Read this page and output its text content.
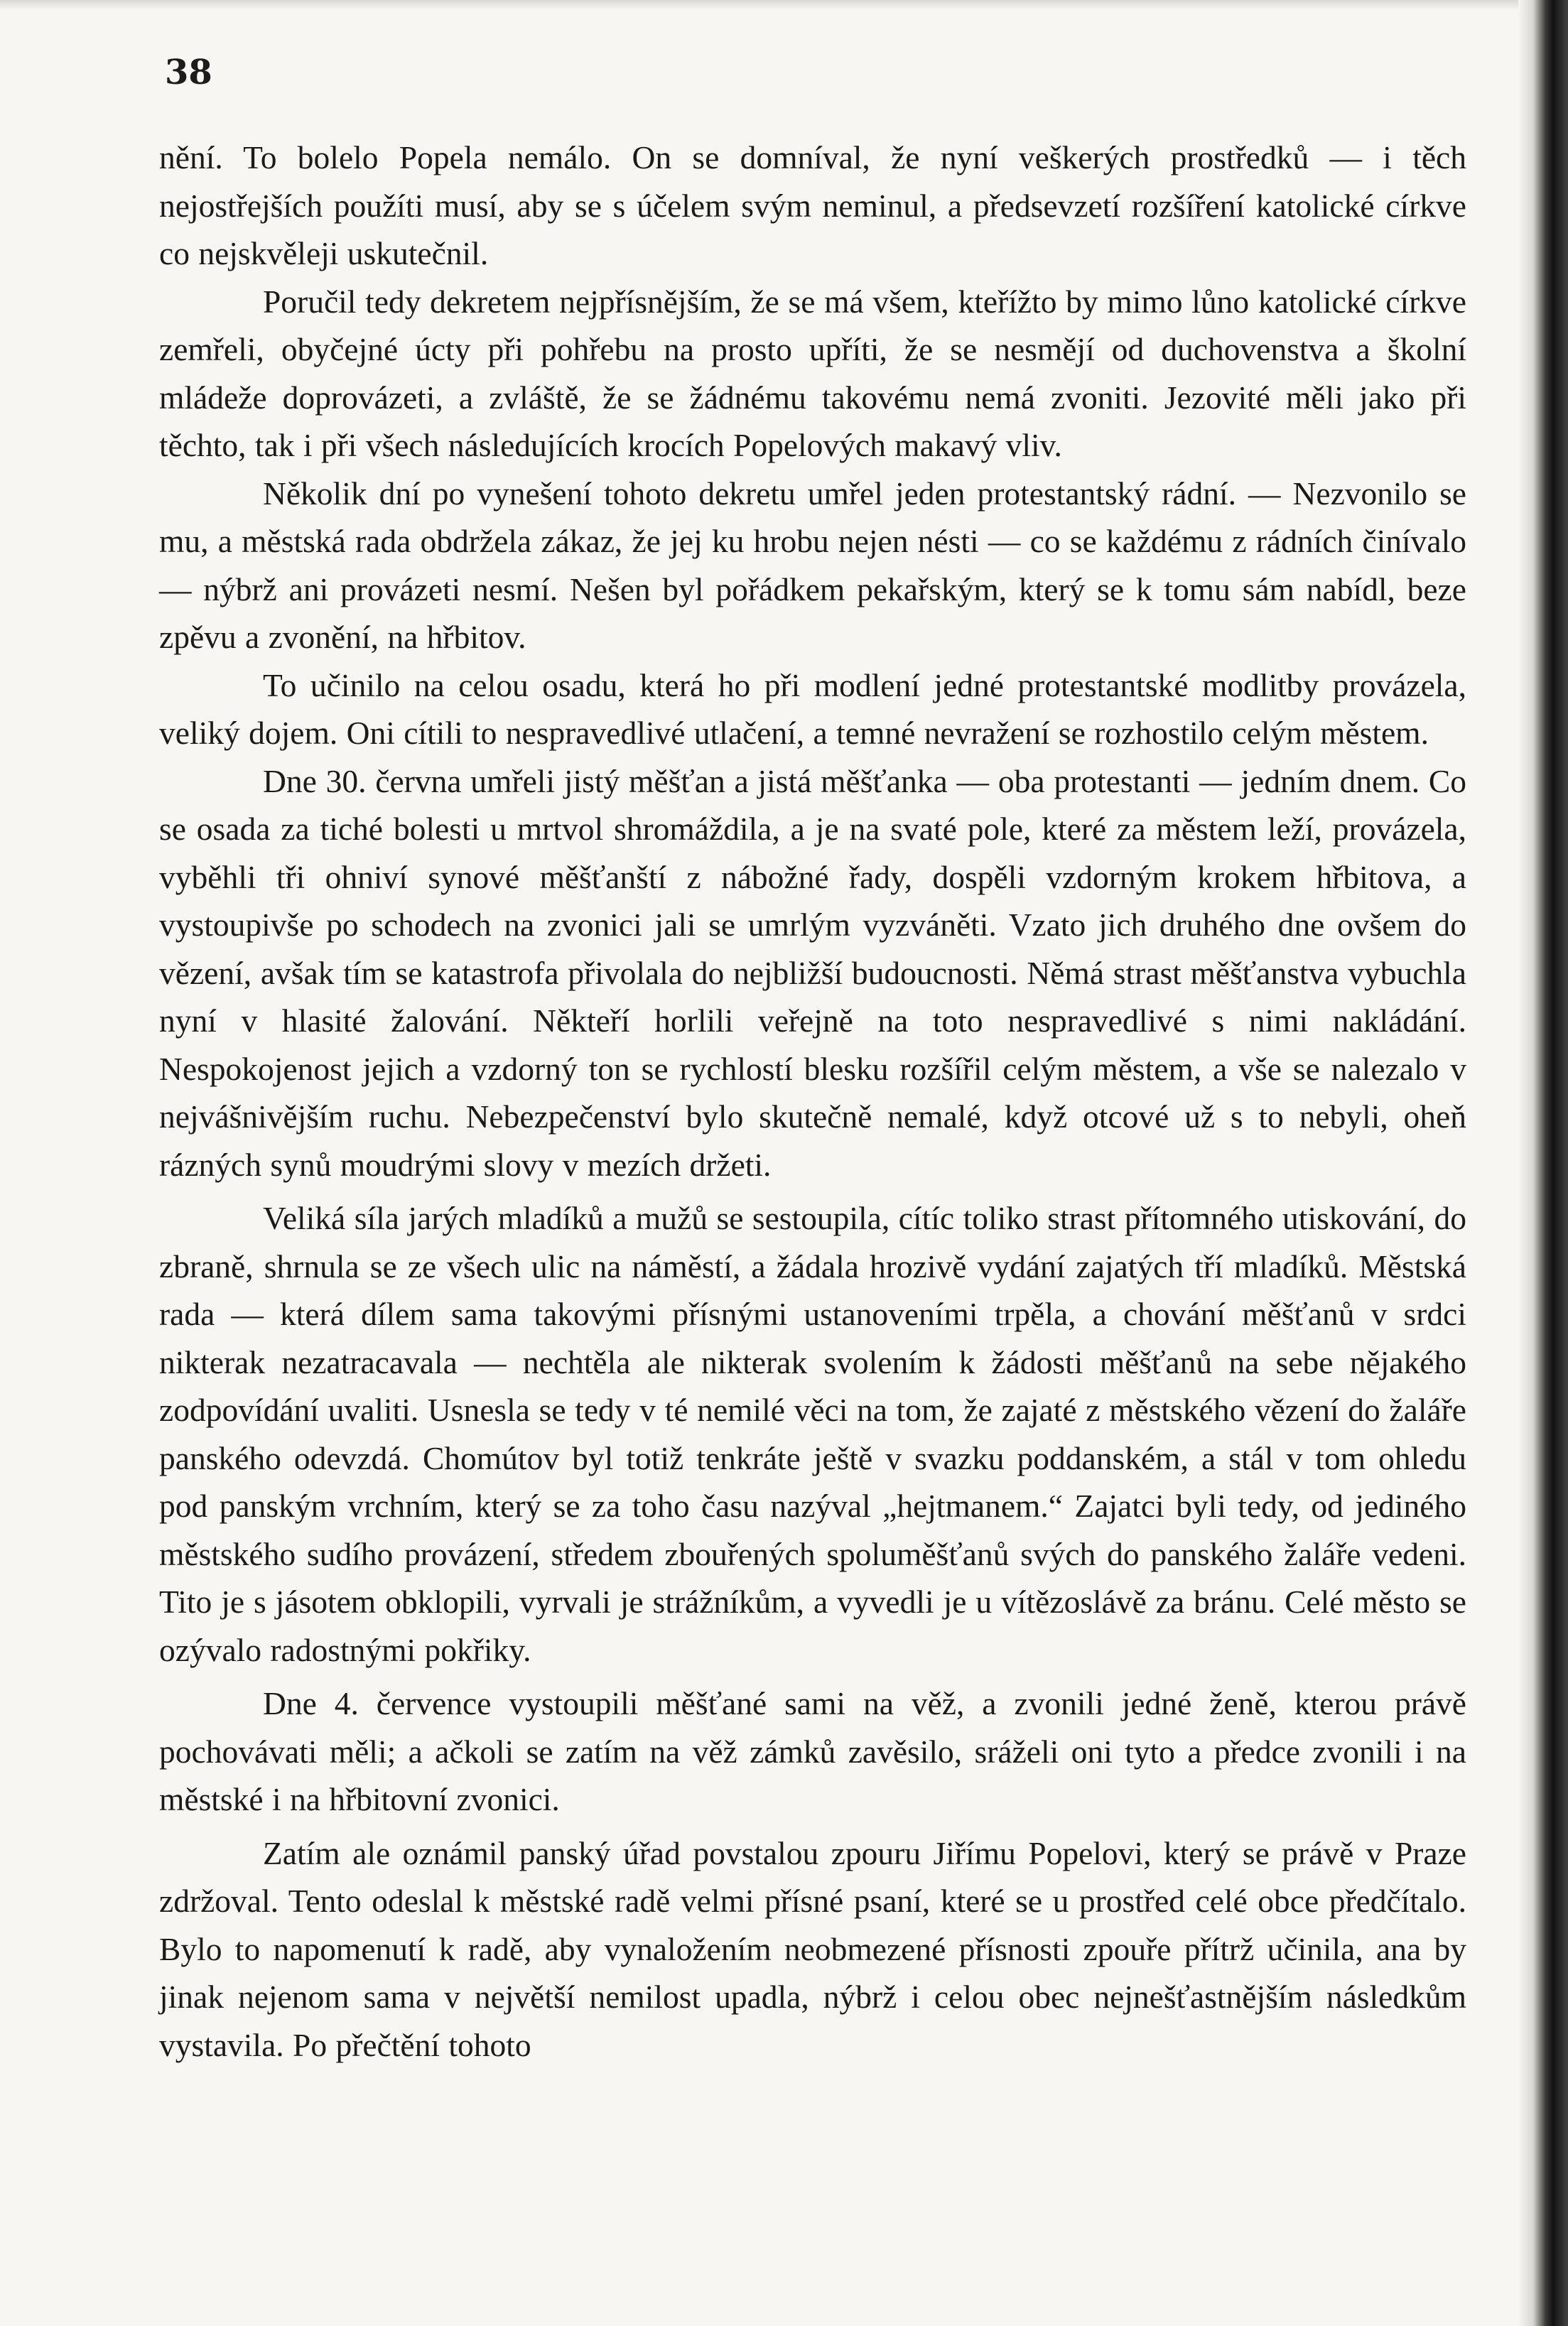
38

nění. To bolelo Popela nemálo. On se domníval, že nyní veškerých prostředků — i těch nejostřejších použíti musí, aby se s účelem svým neminul, a předsevzetí rozšíření katolické církve co nejskvěleji uskutečnil.

Poručil tedy dekretem nejpřísnějším, že se má všem, kteřížto by mimo lůno katolické církve zemřeli, obyčejné úcty při pohřebu na prosto upříti, že se nesmějí od duchovenstva a školní mládeže doprovázeti, a zvláště, že se žádnému takovému nemá zvoniti. Jezovité měli jako při těchto, tak i při všech následujících krocích Popelových makavý vliv.

Několik dní po vynešení tohoto dekretu umřel jeden protestantský rádní. — Nezvonilo se mu, a městská rada obdržela zákaz, že jej ku hrobu nejen nésti — co se každému z rádních činívalo — nýbrž ani provázeti nesmí. Nešen byl pořádkem pekařským, který se k tomu sám nabídl, beze zpěvu a zvonění, na hřbitov.

To učinilo na celou osadu, která ho při modlení jedné protestantské modlitby provázela, veliký dojem. Oni cítili to nespravedlivé utlačení, a temné nevražení se rozhostilo celým městem.

Dne 30. června umřeli jistý měšťan a jistá měšťanka — oba protestanti — jedním dnem. Co se osada za tiché bolesti u mrtvol shromáždila, a je na svaté pole, které za městem leží, provázela, vyběhli tři ohniví synové měšťanští z nábožné řady, dospěli vzdorným krokem hřbitova, a vystoupivše po schodech na zvonici jali se umrlým vyzváněti. Vzato jich druhého dne ovšem do vězení, avšak tím se katastrofa přivolala do nejbližší budoucnosti. Němá strast měšťanstva vybuchla nyní v hlasité žalování. Někteří horlili veřejně na toto nespravedlivé s nimi nakládání. Nespokojenost jejich a vzdorný ton se rychlostí blesku rozšířil celým městem, a vše se nalezalo v nejvášnivějším ruchu. Nebezpečenství bylo skutečně nemalé, když otcové už s to nebyli, oheň rázných synů moudrými slovy v mezích držeti.

Veliká síla jarých mladíků a mužů se sestoupila, cítíc toliko strast přítomného utiskování, do zbraně, shrnula se ze všech ulic na náměstí, a žádala hrozivě vydání zajatých tří mladíků. Městská rada — která dílem sama takovými přísnými ustanoveními trpěla, a chování měšťanů v srdci nikterak nezatracavala — nechtěla ale nikterak svolením k žádosti měšťanů na sebe nějakého zodpovídání uvaliti. Usnesla se tedy v té nemilé věci na tom, že zajaté z městského vězení do žaláře panského odevzdá. Chomútov byl totiž tenkráte ještě v svazku poddanském, a stál v tom ohledu pod panským vrchním, který se za toho času nazýval „hejtmanem.“ Zajatci byli tedy, od jediného městského sudího provázení, středem zbouřených spoluměšťanů svých do panského žaláře vedeni. Tito je s jásotem obklopili, vyrvali je strážníkům, a vyvedli je u vítězoslávě za bránu. Celé město se ozývalo radostnými pokřiky.

Dne 4. července vystoupili měšťané sami na věž, a zvonili jedné ženě, kterou právě pochovávati měli; a ačkoli se zatím na věž zámků zavěsilo, sráželi oni tyto a předce zvonili i na městské i na hřbitovní zvonici.

Zatím ale oznámil panský úřad povstalou zpouru Jiřímu Popelovi, který se právě v Praze zdržoval. Tento odeslal k městské radě velmi přísné psaní, které se u prostřed celé obce předčítalo. Bylo to napomenutí k radě, aby vynaložením neobmezené přísnosti zpouře přítrž učinila, ana by jinak nejenom sama v největší nemilost upadla, nýbrž i celou obec nejnešťastnějším následkům vystavila. Po přečtění tohoto
